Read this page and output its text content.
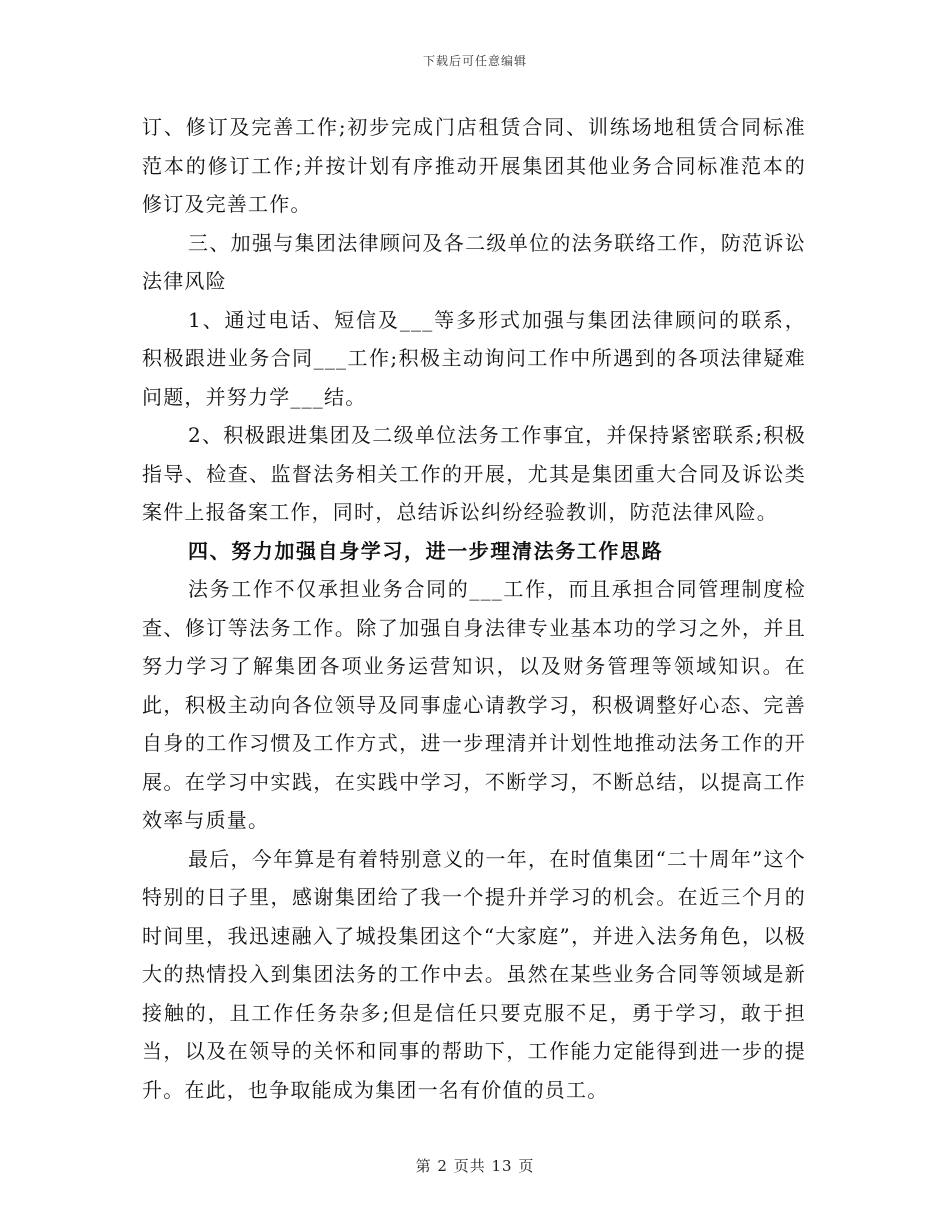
下载后可任意编辑

订、修订及完善工作;初步完成门店租赁合同、训练场地租赁合同标准范本的修订工作;并按计划有序推动开展集团其他业务合同标准范本的修订及完善工作。

三、加强与集团法律顾问及各二级单位的法务联络工作，防范诉讼法律风险

1、通过电话、短信及___等多形式加强与集团法律顾问的联系，积极跟进业务合同___工作;积极主动询问工作中所遇到的各项法律疑难问题，并努力学___结。

2、积极跟进集团及二级单位法务工作事宜，并保持紧密联系;积极指导、检查、监督法务相关工作的开展，尤其是集团重大合同及诉讼类案件上报备案工作，同时，总结诉讼纠纷经验教训，防范法律风险。

四、努力加强自身学习，进一步理清法务工作思路

法务工作不仅承担业务合同的___工作，而且承担合同管理制度检查、修订等法务工作。除了加强自身法律专业基本功的学习之外，并且努力学习了解集团各项业务运营知识，以及财务管理等领域知识。在此，积极主动向各位领导及同事虚心请教学习，积极调整好心态、完善自身的工作习惯及工作方式，进一步理清并计划性地推动法务工作的开展。在学习中实践，在实践中学习，不断学习，不断总结，以提高工作效率与质量。

最后，今年算是有着特别意义的一年，在时值集团“二十周年”这个特别的日子里，感谢集团给了我一个提升并学习的机会。在近三个月的时间里，我迅速融入了城投集团这个“大家庭”，并进入法务角色，以极大的热情投入到集团法务的工作中去。虽然在某些业务合同等领域是新接触的，且工作任务杂多;但是信任只要克服不足，勇于学习，敢于担当，以及在领导的关怀和同事的帮助下，工作能力定能得到进一步的提升。在此，也争取能成为集团一名有价值的员工。

第 2 页共 13 页
